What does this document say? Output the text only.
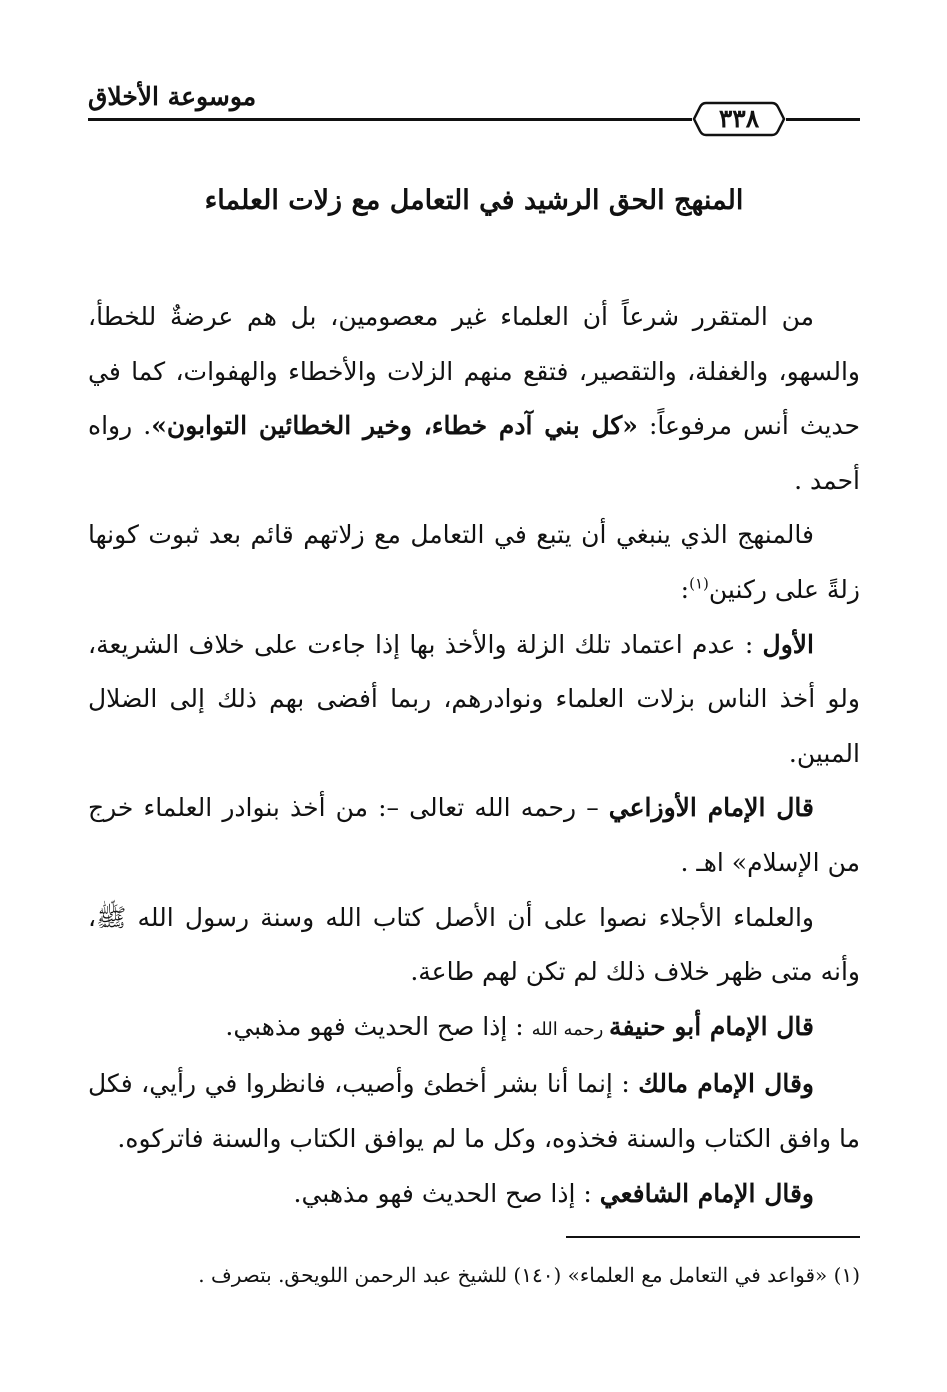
موسوعة الأخلاق
٣٣٨
المنهج الحق الرشيد في التعامل مع زلات العلماء

من المتقرر شرعاً أن العلماء غير معصومين، بل هم عرضةٌ للخطأ، والسهو، والغفلة، والتقصير، فتقع منهم الزلات والأخطاء والهفوات، كما في حديث أنس مرفوعاً: «كل بني آدم خطاء، وخير الخطائين التوابون». رواه أحمد .

فالمنهج الذي ينبغي أن يتبع في التعامل مع زلاتهم قائم بعد ثبوت كونها زلةً على ركنين$^{(١)}$:

الأول : عدم اعتماد تلك الزلة والأخذ بها إذا جاءت على خلاف الشريعة، ولو أخذ الناس بزلات العلماء ونوادرهم، ربما أفضى بهم ذلك إلى الضلال المبين.

قال الإمام الأوزاعي – رحمه الله تعالى –: من أخذ بنوادر العلماء خرج من الإسلام» اهـ .

والعلماء الأجلاء نصوا على أن الأصل كتاب الله وسنة رسول الله ﷺ، وأنه متى ظهر خلاف ذلك لم تكن لهم طاعة.

قال الإمام أبو حنيفة رحمه الله : إذا صح الحديث فهو مذهبي.

وقال الإمام مالك : إنما أنا بشر أخطئ وأصيب، فانظروا في رأيي، فكل ما وافق الكتاب والسنة فخذوه، وكل ما لم يوافق الكتاب والسنة فاتركوه.

وقال الإمام الشافعي : إذا صح الحديث فهو مذهبي.

(١) «قواعد في التعامل مع العلماء» (١٤٠) للشيخ عبد الرحمن اللويحق. بتصرف .
